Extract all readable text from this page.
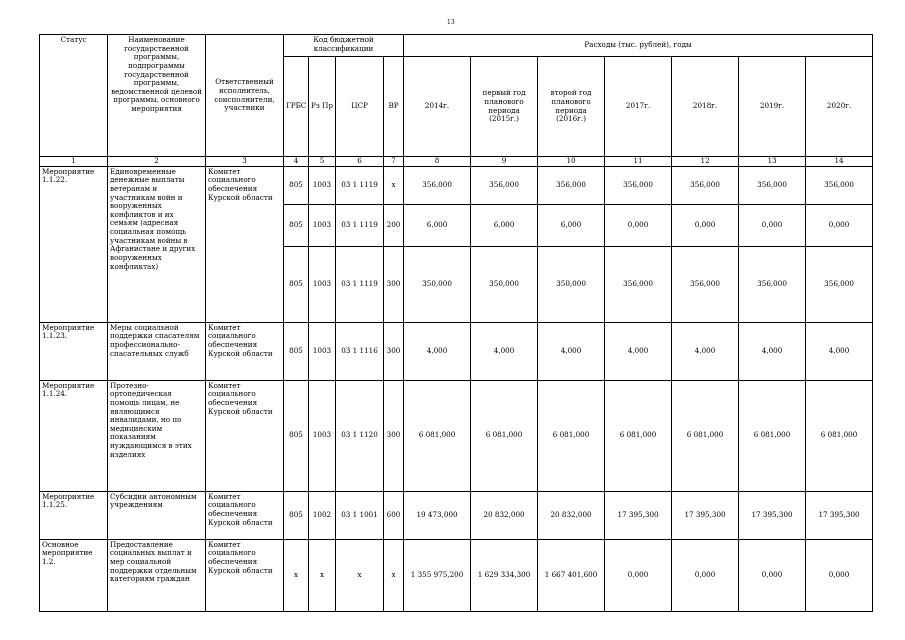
13
Статус	Наименование государственной программы, подпрограммы государственной программы, ведомственной целевой программы, основного мероприятия	Ответственный исполнитель, соисполнители, участники	Код бюджетной классификации				Расходы (тыс. рублей), годы						
			ГРБС	Рз Пр	ЦСР	ВР	2014г.	первый год планового периода (2015г.)	второй год планового периода (2016г.)	2017г.	2018г.	2019г.	2020г.
1	2	3	4	5	6	7	8	9	10	11	12	13	14
Мероприятие 1.1.22.	Единовременные денежные выплаты ветеранам и участникам войн и вооруженных конфликтов и их семьям (адресная социальная помощь участникам войны в Афганистане и других вооруженных конфликтах)	Комитет социального обеспечения Курской области	805	1003	03 1 1119	х	356,000	356,000	356,000	356,000	356,000	356,000	356,000
			805	1003	03 1 1119	200	6,000	6,000	6,000	0,000	0,000	0,000	0,000
			805	1003	03 1 1119	300	350,000	350,000	350,000	356,000	356,000	356,000	356,000
Мероприятие 1.1.23.	Меры социальной поддержки спасателям профессионально-спасательных служб	Комитет социального обеспечения Курской области	805	1003	03 1 1116	300	4,000	4,000	4,000	4,000	4,000	4,000	4,000
Мероприятие 1.1.24.	Протезно-ортопедическая помощь лицам, не являющимся инвалидами, но по медицинским показаниям нуждающимся в этих изделиях	Комитет социального обеспечения Курской области	805	1003	03 1 1120	300	6 081,000	6 081,000	6 081,000	6 081,000	6 081,000	6 081,000	6 081,000
Мероприятие 1.1.25.	Субсидии автономным учреждениям	Комитет социального обеспечения Курской области	805	1002	03 1 1001	600	19 473,000	20 832,000	20 832,000	17 395,300	17 395,300	17 395,300	17 395,300
Основное мероприятие 1.2.	Предоставление социальных выплат и мер социальной поддержки отдельным категориям граждан	Комитет социального обеспечения Курской области	х	х	х	х	1 355 975,200	1 629 334,300	1 667 401,600	0,000	0,000	0,000	0,000
